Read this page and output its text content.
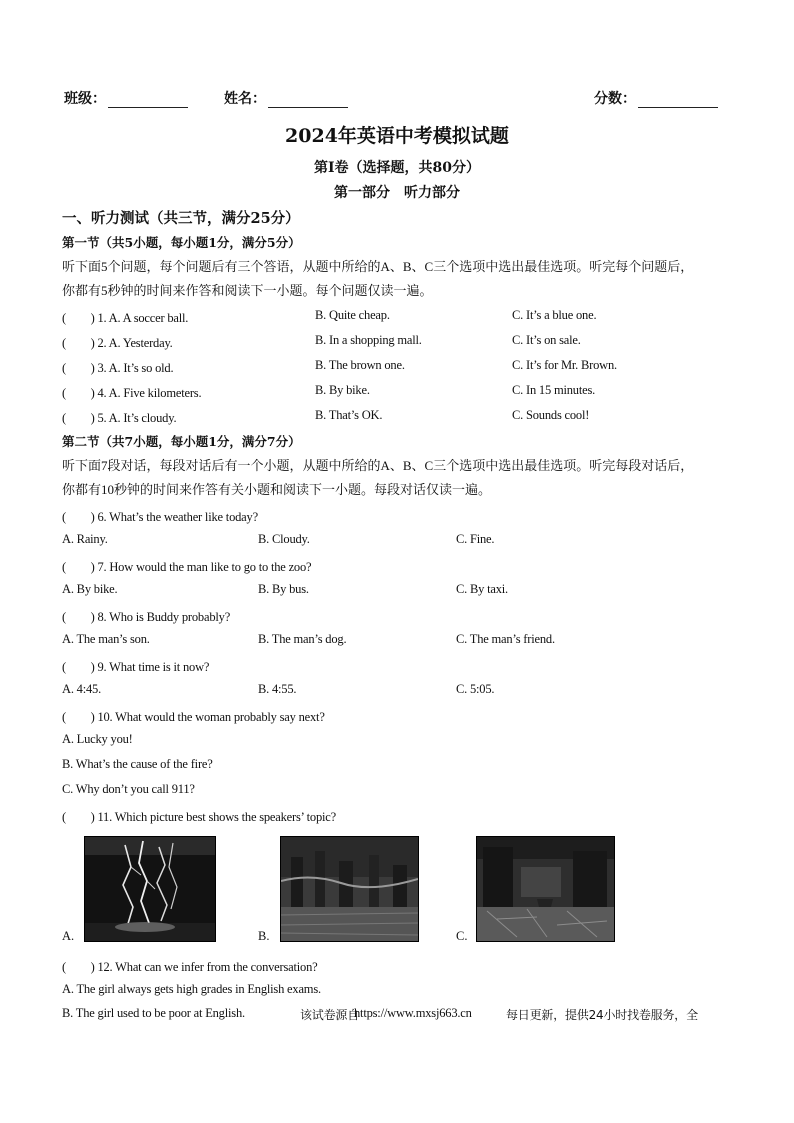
班级：	姓名：	分数：
2024年英语中考模拟试题
第Ⅰ卷（选择题，共80分）
第一部分　听力部分
一、听力测试（共三节，满分25分）
第一节（共5小题，每小题1分，满分5分）
听下面5个问题，每个问题后有三个答语，从题中所给的A、B、C三个选项中选出最佳选项。听完每个问题后，
你都有5秒钟的时间来作答和阅读下一小题。每个问题仅读一遍。
(　　) 1. A. A soccer ball.	B. Quite cheap.	C. It’s a blue one.
(　　) 2. A. Yesterday.	B. In a shopping mall.	C. It’s on sale.
(　　) 3. A. It’s so old.	B. The brown one.	C. It’s for Mr. Brown.
(　　) 4. A. Five kilometers.	B. By bike.	C. In 15 minutes.
(　　) 5. A. It’s cloudy.	B. That’s OK.	C. Sounds cool!
第二节（共7小题，每小题1分，满分7分）
听下面7段对话，每段对话后有一个小题，从题中所给的A、B、C三个选项中选出最佳选项。听完每段对话后，
你都有10秒钟的时间来作答有关小题和阅读下一小题。每段对话仅读一遍。
(　　) 6. What’s the weather like today?
A. Rainy.	B. Cloudy.	C. Fine.
(　　) 7. How would the man like to go to the zoo?
A. By bike.	B. By bus.	C. By taxi.
(　　) 8. Who is Buddy probably?
A. The man’s son.	B. The man’s dog.	C. The man’s friend.
(　　) 9. What time is it now?
A. 4:45.	B. 4:55.	C. 5:05.
(　　) 10. What would the woman probably say next?
A. Lucky you!
B. What’s the cause of the fire?
C. Why don’t you call 911?
(　　) 11. Which picture best shows the speakers’ topic?
A.	B.	C.
(　　) 12. What can we infer from the conversation?
A. The girl always gets high grades in English exams.
B. The girl used to be poor at English.	该试卷源自
https://www.mxsj663.cn	每日更新，提供24小时找卷服务，全
